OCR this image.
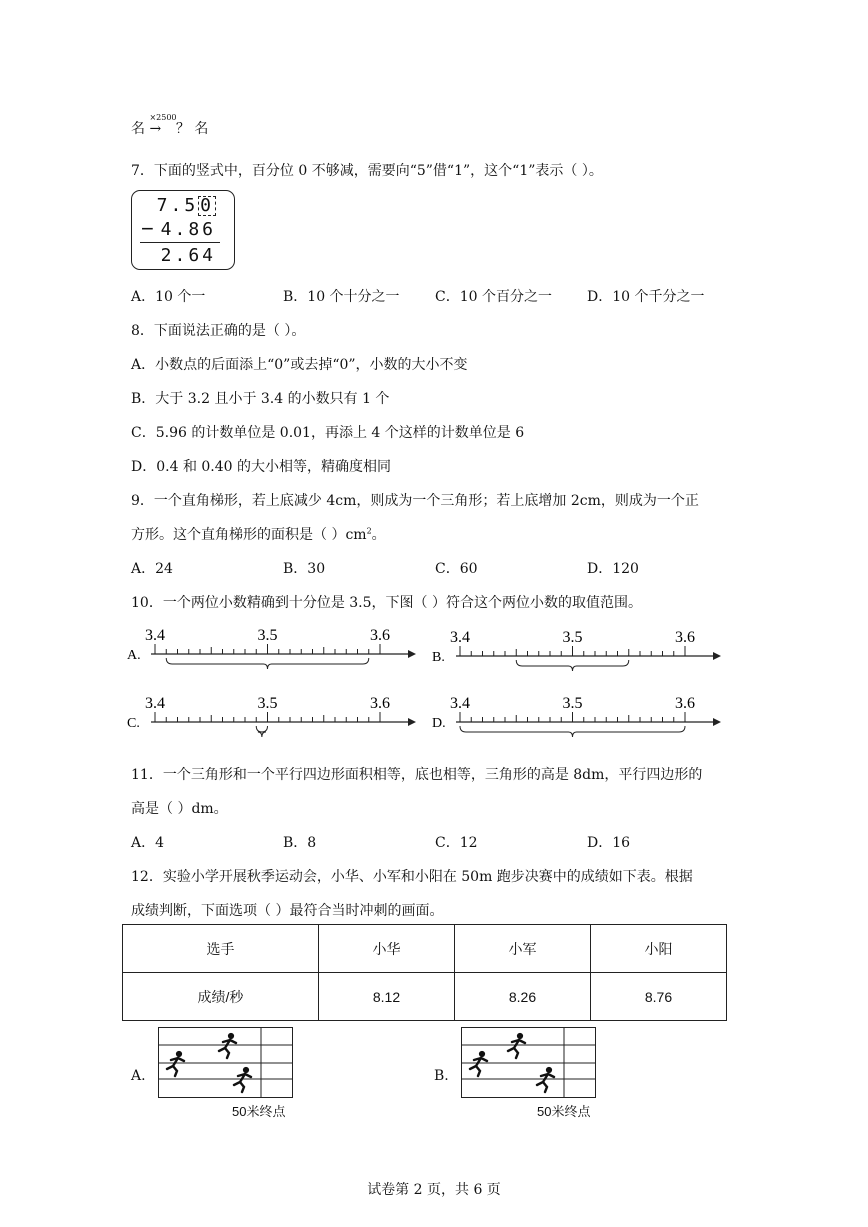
名
×2500
→ ？ 名
7．下面的竖式中，百分位 0 不够减，需要向“5”借“1”，这个“1”表示（ ）。
7.5 0
− 4.86
2.64
A．10 个一	B．10 个十分之一	C．10 个百分之一	D．10 个千分之一
8．下面说法正确的是（ ）。
A．小数点的后面添上“0”或去掉“0”，小数的大小不变
B．大于 3.2 且小于 3.4 的小数只有 1 个
C．5.96 的计数单位是 0.01，再添上 4 个这样的计数单位是 6
D．0.4 和 0.40 的大小相等，精确度相同
9．一个直角梯形，若上底减少 4cm，则成为一个三角形；若上底增加 2cm，则成为一个正
方形。这个直角梯形的面积是（ ）$cm^2$。
A．24	B．30	C．60	D．120
10．一个两位小数精确到十分位是 3.5，下图（ ）符合这个两位小数的取值范围。
A.
3.4	3.5	3.6
B.
3.4	3.5	3.6
C.
3.4	3.5	3.6
D.
3.4	3.5	3.6
11．一个三角形和一个平行四边形面积相等，底也相等，三角形的高是 8dm，平行四边形的
高是（ ）dm。
A．4	B．8	C．12	D．16
12．实验小学开展秋季运动会，小华、小军和小阳在 50m 跑步决赛中的成绩如下表。根据
成绩判断，下面选项（ ）最符合当时冲刺的画面。
选手	小华	小军	小阳
成绩/秒	8.12	8.26	8.76
A.
50米终点
B.
50米终点
试卷第 2 页，共 6 页
